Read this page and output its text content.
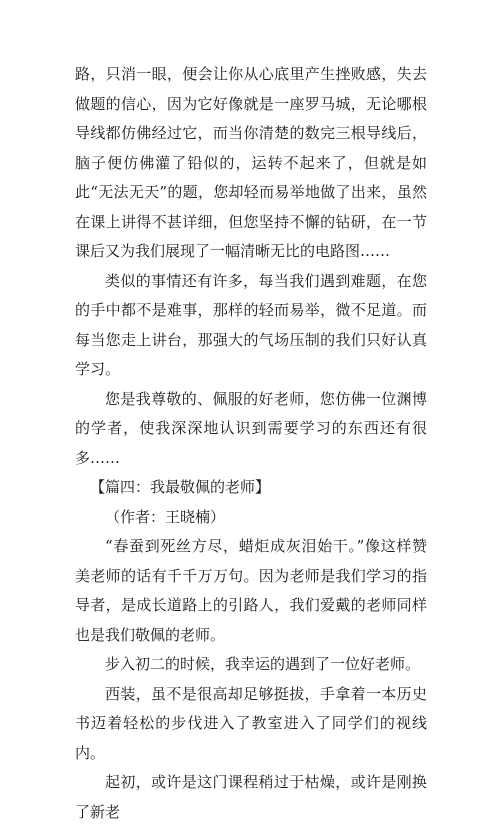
路，只消一眼，便会让你从心底里产生挫败感，失去做题的信心，因为它好像就是一座罗马城，无论哪根导线都仿佛经过它，而当你清楚的数完三根导线后，脑子便仿佛灌了铅似的，运转不起来了，但就是如此“无法无天”的题，您却轻而易举地做了出来，虽然在课上讲得不甚详细，但您坚持不懈的钻研，在一节课后又为我们展现了一幅清晰无比的电路图……

类似的事情还有许多，每当我们遇到难题，在您的手中都不是难事，那样的轻而易举，微不足道。而每当您走上讲台，那强大的气场压制的我们只好认真学习。

您是我尊敬的、佩服的好老师，您仿佛一位渊博的学者，使我深深地认识到需要学习的东西还有很多……

【篇四：我最敬佩的老师】

（作者：王晓楠）

“春蚕到死丝方尽，蜡炬成灰泪始干。”像这样赞美老师的话有千千万万句。因为老师是我们学习的指导者，是成长道路上的引路人，我们爱戴的老师同样也是我们敬佩的老师。

步入初二的时候，我幸运的遇到了一位好老师。

西装，虽不是很高却足够挺拔，手拿着一本历史书迈着轻松的步伐进入了教室进入了同学们的视线内。

起初，或许是这门课程稍过于枯燥，或许是刚换了新老
